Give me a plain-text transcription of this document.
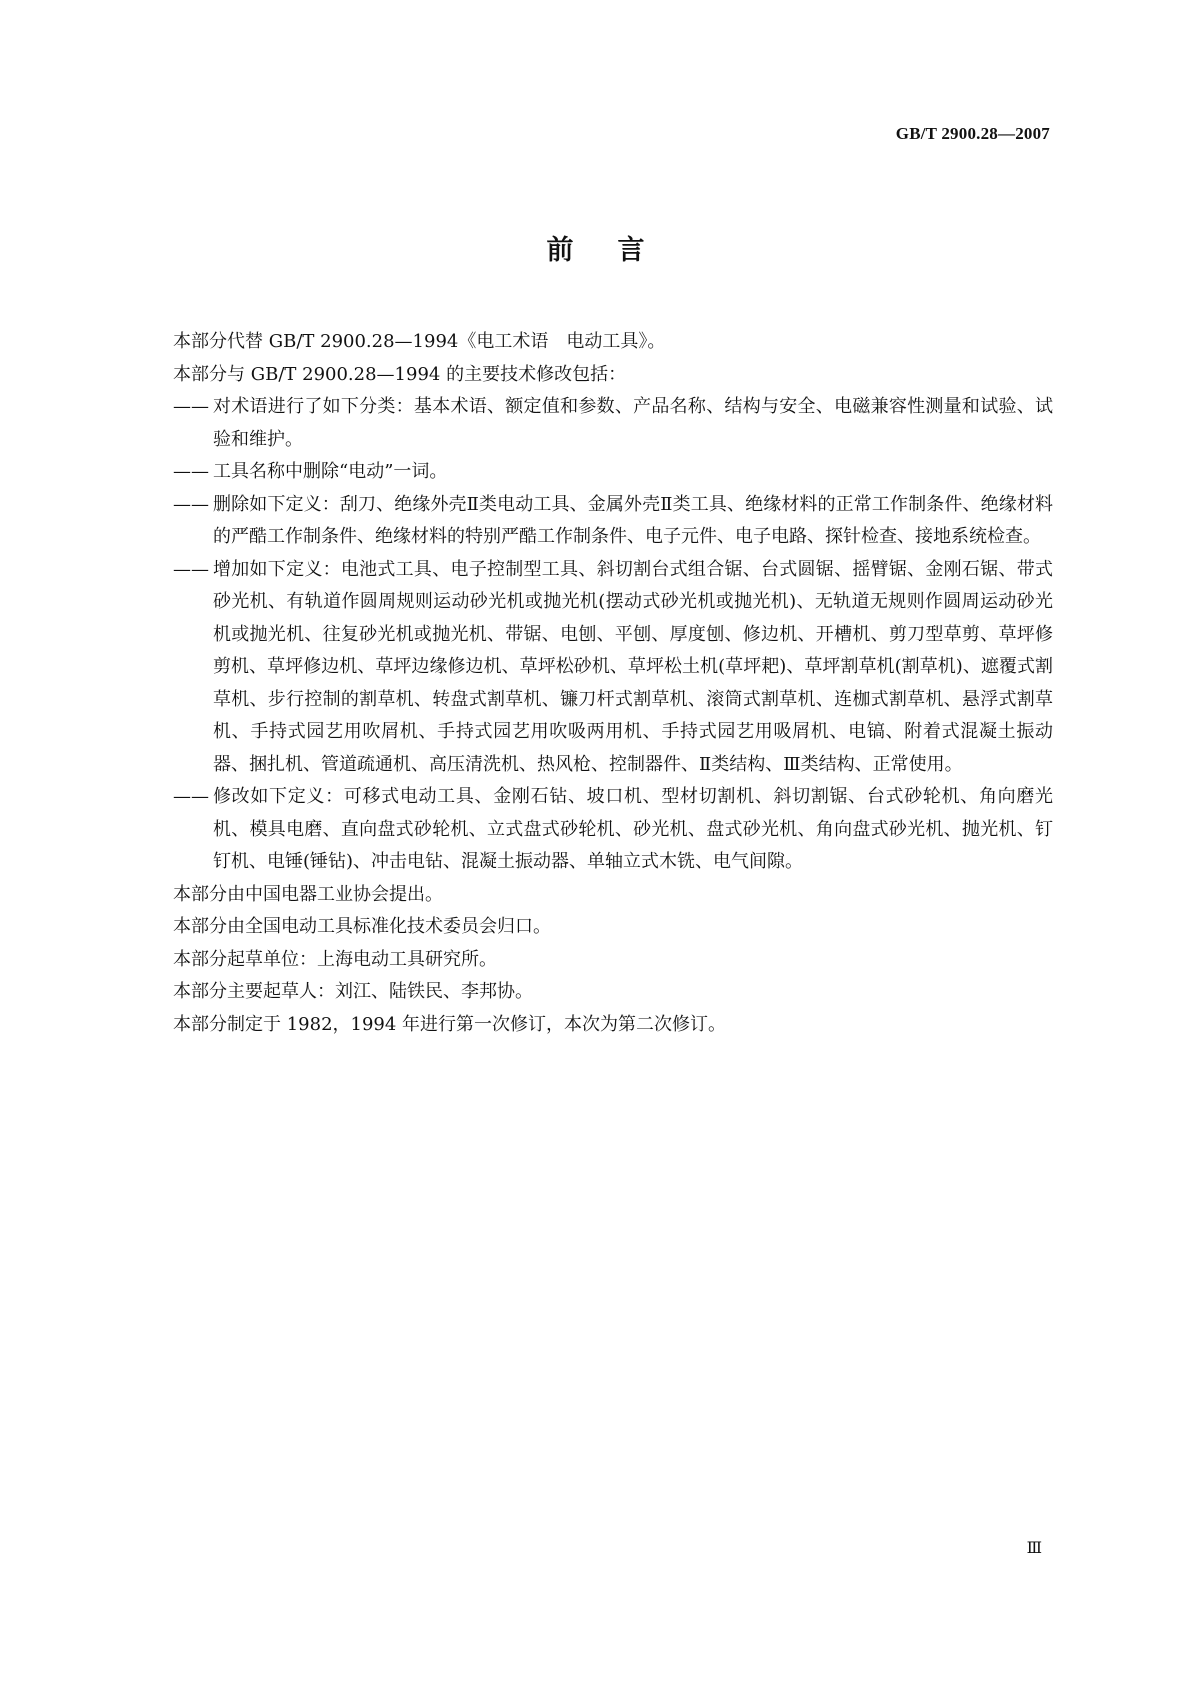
GB/T 2900.28—2007
前言

本部分代替 GB/T 2900.28—1994《电工术语　电动工具》。

本部分与 GB/T 2900.28—1994 的主要技术修改包括：

—— 对术语进行了如下分类：基本术语、额定值和参数、产品名称、结构与安全、电磁兼容性测量和试验、试验和维护。
—— 工具名称中删除“电动”一词。
—— 删除如下定义：刮刀、绝缘外壳Ⅱ类电动工具、金属外壳Ⅱ类工具、绝缘材料的正常工作制条件、绝缘材料的严酷工作制条件、绝缘材料的特别严酷工作制条件、电子元件、电子电路、探针检查、接地系统检查。
—— 增加如下定义：电池式工具、电子控制型工具、斜切割台式组合锯、台式圆锯、摇臂锯、金刚石锯、带式砂光机、有轨道作圆周规则运动砂光机或抛光机(摆动式砂光机或抛光机)、无轨道无规则作圆周运动砂光机或抛光机、往复砂光机或抛光机、带锯、电刨、平刨、厚度刨、修边机、开槽机、剪刀型草剪、草坪修剪机、草坪修边机、草坪边缘修边机、草坪松砂机、草坪松土机(草坪耙)、草坪割草机(割草机)、遮覆式割草机、步行控制的割草机、转盘式割草机、镰刀杆式割草机、滚筒式割草机、连枷式割草机、悬浮式割草机、手持式园艺用吹屑机、手持式园艺用吹吸两用机、手持式园艺用吸屑机、电镐、附着式混凝土振动器、捆扎机、管道疏通机、高压清洗机、热风枪、控制器件、Ⅱ类结构、Ⅲ类结构、正常使用。
—— 修改如下定义：可移式电动工具、金刚石钻、坡口机、型材切割机、斜切割锯、台式砂轮机、角向磨光机、模具电磨、直向盘式砂轮机、立式盘式砂轮机、砂光机、盘式砂光机、角向盘式砂光机、抛光机、钉钉机、电锤(锤钻)、冲击电钻、混凝土振动器、单轴立式木铣、电气间隙。

本部分由中国电器工业协会提出。

本部分由全国电动工具标准化技术委员会归口。

本部分起草单位：上海电动工具研究所。

本部分主要起草人：刘江、陆铁民、李邦协。

本部分制定于 1982，1994 年进行第一次修订，本次为第二次修订。

Ⅲ
